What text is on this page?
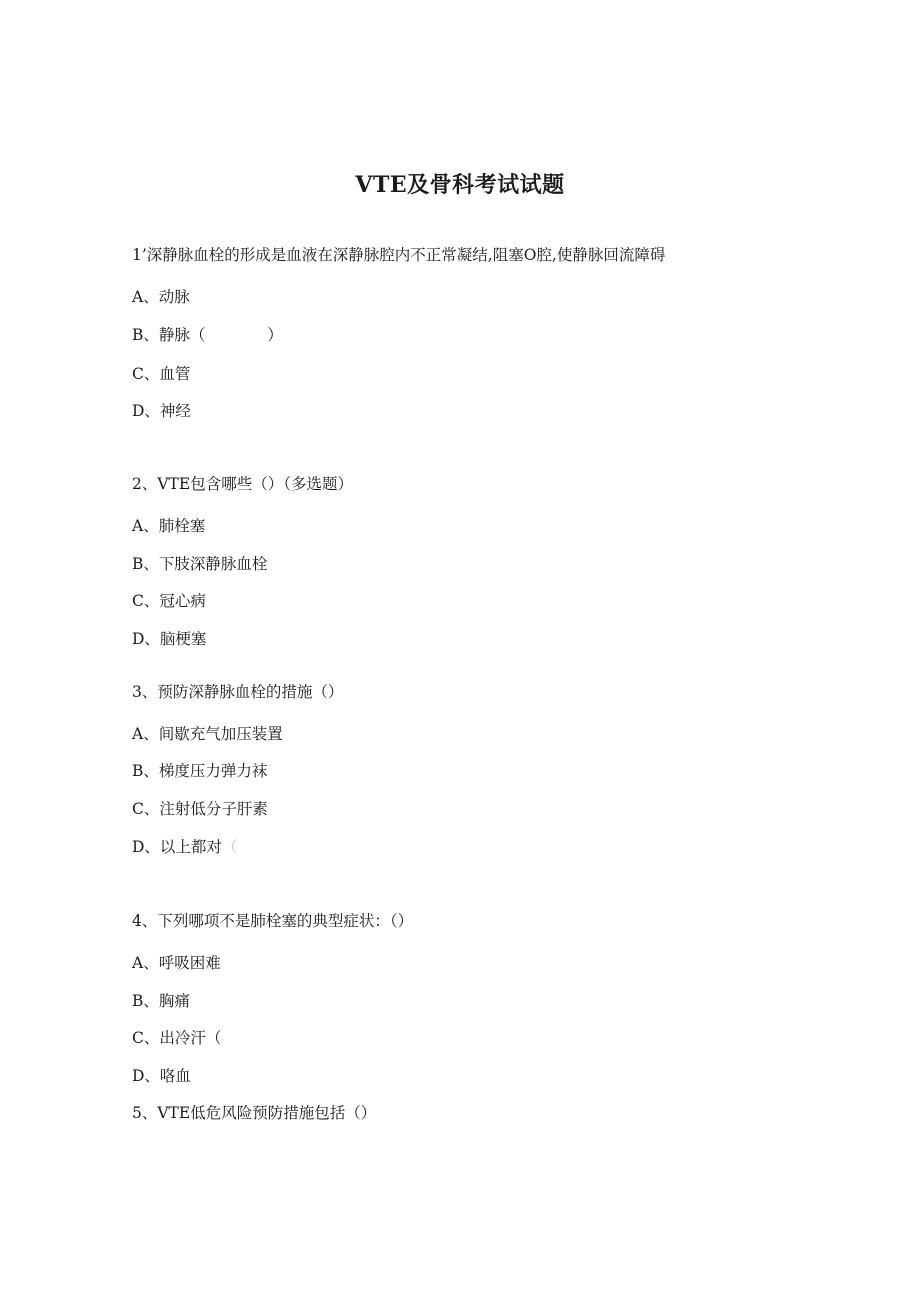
VTE及骨科考试试题
1’深静脉血栓的形成是血液在深静脉腔内不正常凝结,阻塞O腔,使静脉回流障碍
A、动脉
B、静脉（　　　　）
C、血管
D、神经
2、VTE包含哪些（）（多选题）
A、肺栓塞
B、下肢深静脉血栓
C、冠心病
D、脑梗塞
3、预防深静脉血栓的措施（）
A、间歇充气加压装置
B、梯度压力弹力袜
C、注射低分子肝素
D、以上都对（
4、下列哪项不是肺栓塞的典型症状：（）
A、呼吸困难
B、胸痛
C、出冷汗（
D、咯血
5、VTE低危风险预防措施包括（）
